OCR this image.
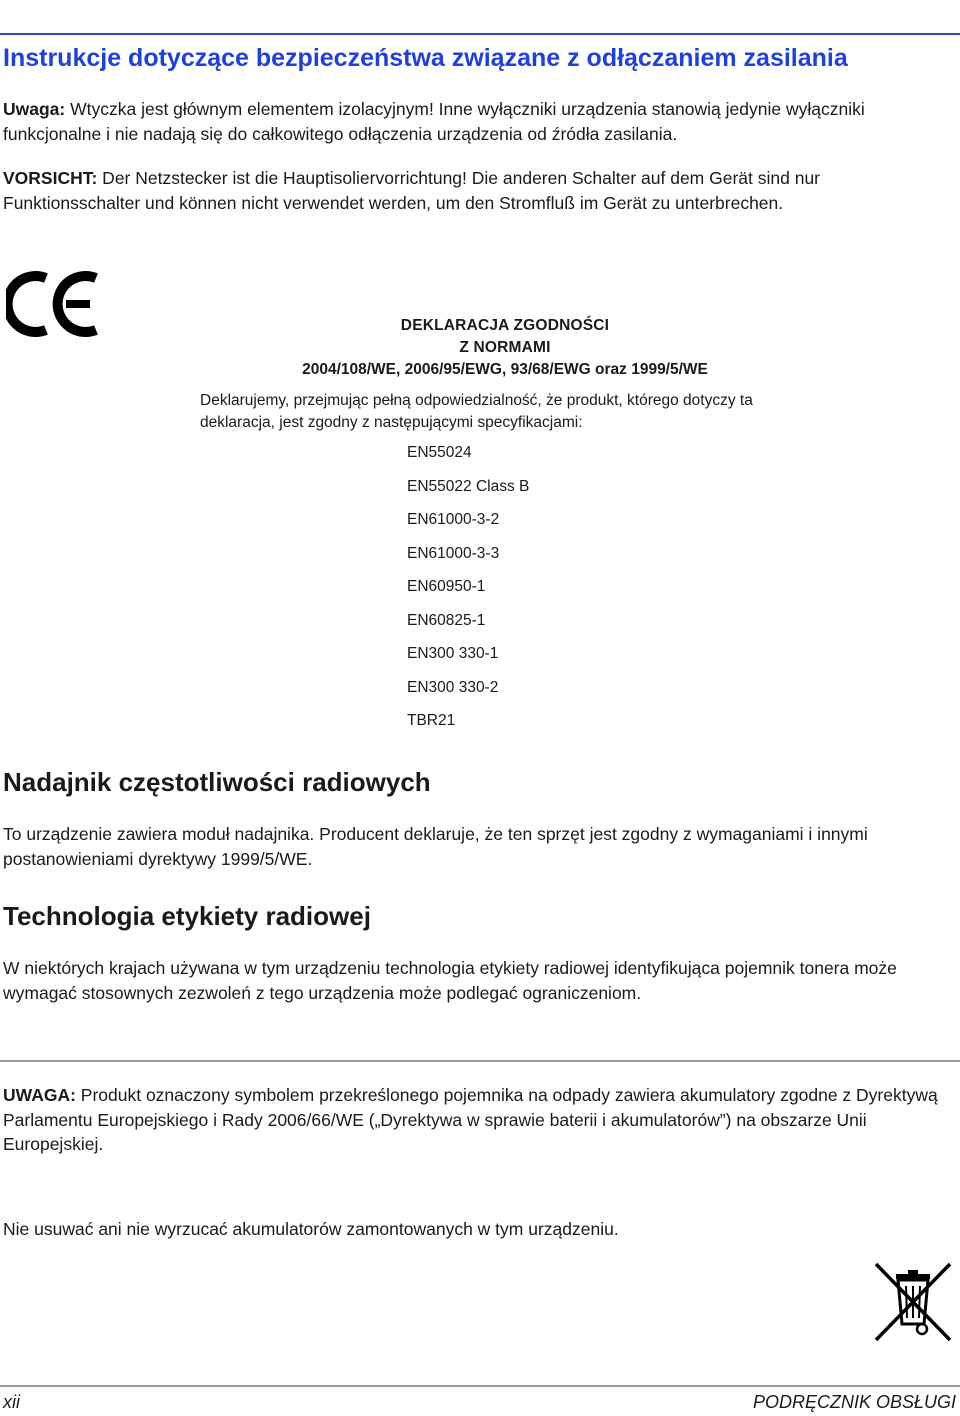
Instrukcje dotyczące bezpieczeństwa związane z odłączaniem zasilania
Uwaga: Wtyczka jest głównym elementem izolacyjnym! Inne wyłączniki urządzenia stanowią jedynie wyłączniki funkcjonalne i nie nadają się do całkowitego odłączenia urządzenia od źródła zasilania.
VORSICHT: Der Netzstecker ist die Hauptisoliervorrichtung! Die anderen Schalter auf dem Gerät sind nur Funktionsschalter und können nicht verwendet werden, um den Stromfluß im Gerät zu unterbrechen.
DEKLARACJA ZGODNOŚCI
Z NORMAMI
2004/108/WE, 2006/95/EWG, 93/68/EWG oraz 1999/5/WE
Deklarujemy, przejmując pełną odpowiedzialność, że produkt, którego dotyczy ta deklaracja, jest zgodny z następującymi specyfikacjami:
EN55024
EN55022 Class B
EN61000-3-2
EN61000-3-3
EN60950-1
EN60825-1
EN300 330-1
EN300 330-2
TBR21
Nadajnik częstotliwości radiowych
To urządzenie zawiera moduł nadajnika. Producent deklaruje, że ten sprzęt jest zgodny z wymaganiami i innymi postanowieniami dyrektywy 1999/5/WE.
Technologia etykiety radiowej
W niektórych krajach używana w tym urządzeniu technologia etykiety radiowej identyfikująca pojemnik tonera może wymagać stosownych zezwoleń z tego urządzenia może podlegać ograniczeniom.
UWAGA: Produkt oznaczony symbolem przekreślonego pojemnika na odpady zawiera akumulatory zgodne z Dyrektywą Parlamentu Europejskiego i Rady 2006/66/WE („Dyrektywa w sprawie baterii i akumulatorów”) na obszarze Unii Europejskiej.
Nie usuwać ani nie wyrzucać akumulatorów zamontowanych w tym urządzeniu.
xii	PODRĘCZNIK OBSŁUGI
